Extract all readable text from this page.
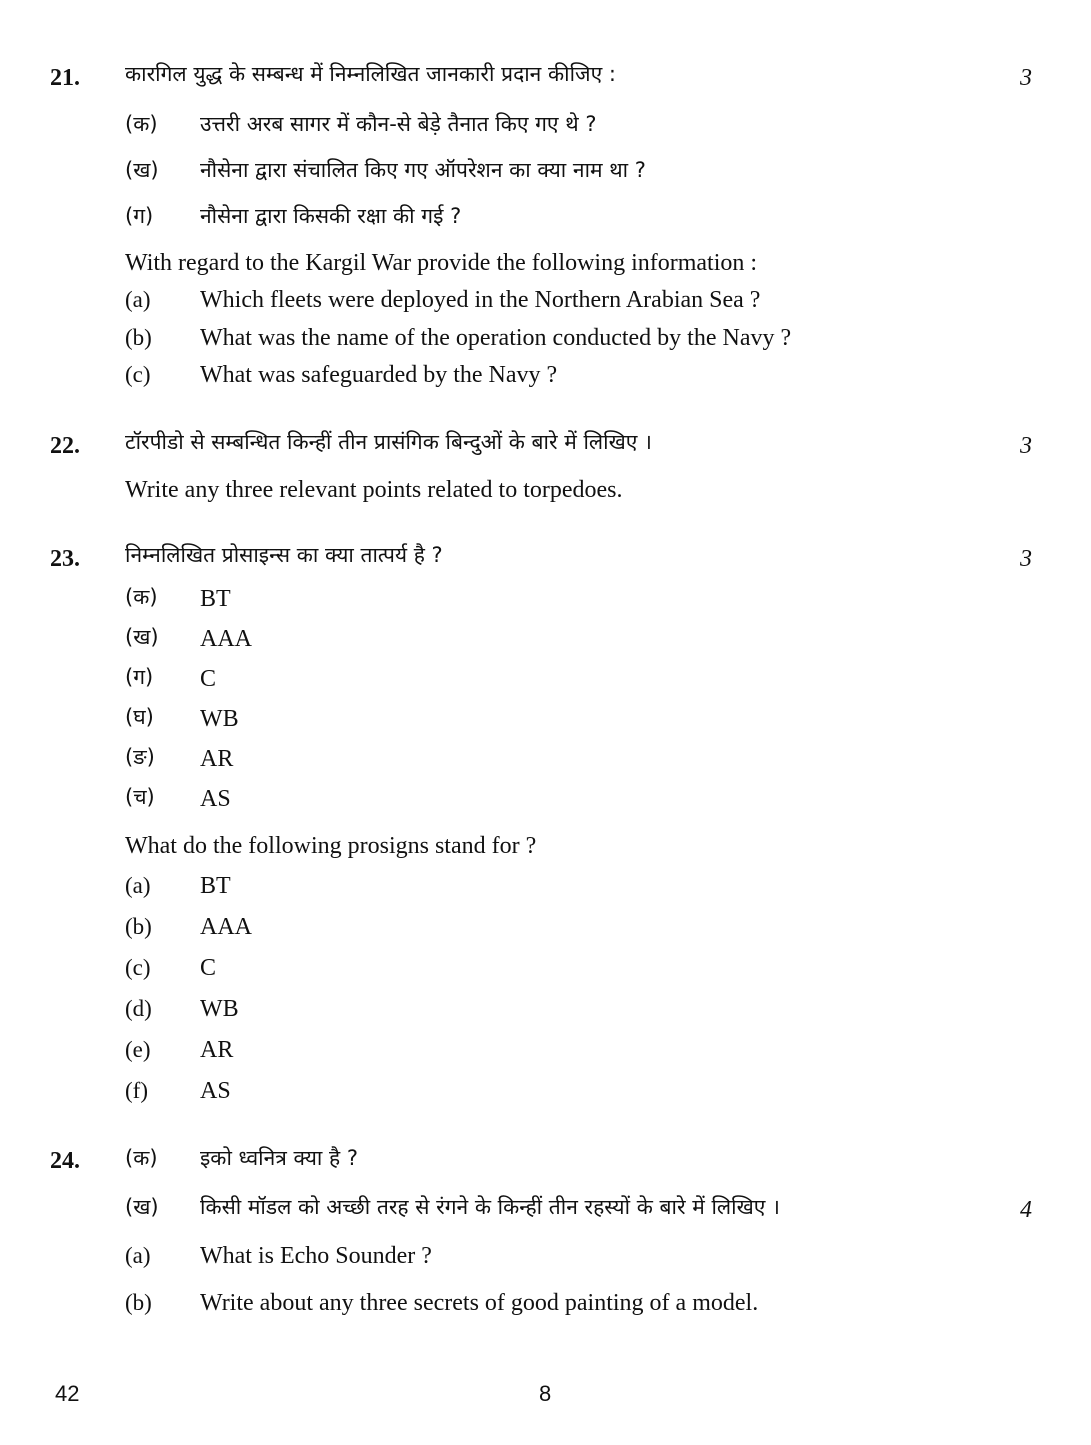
21. कारगिल युद्ध के सम्बन्ध में निम्नलिखित जानकारी प्रदान कीजिए :	3
(क) उत्तरी अरब सागर में कौन-से बेड़े तैनात किए गए थे ?
(ख) नौसेना द्वारा संचालित किए गए ऑपरेशन का क्या नाम था ?
(ग) नौसेना द्वारा किसकी रक्षा की गई ?
With regard to the Kargil War provide the following information :
(a) Which fleets were deployed in the Northern Arabian Sea ?
(b) What was the name of the operation conducted by the Navy ?
(c) What was safeguarded by the Navy ?
22. टॉरपीडो से सम्बन्धित किन्हीं तीन प्रासंगिक बिन्दुओं के बारे में लिखिए ।	3
Write any three relevant points related to torpedoes.
23. निम्नलिखित प्रोसाइन्स का क्या तात्पर्य है ?	3
(क) BT
(ख) AAA
(ग) C
(घ) WB
(ङ) AR
(च) AS
What do the following prosigns stand for ?
(a) BT
(b) AAA
(c) C
(d) WB
(e) AR
(f) AS
24. (क) इको ध्वनित्र क्या है ?
(ख) किसी मॉडल को अच्छी तरह से रंगने के किन्हीं तीन रहस्यों के बारे में लिखिए ।	4
(a) What is Echo Sounder ?
(b) Write about any three secrets of good painting of a model.
42	8
